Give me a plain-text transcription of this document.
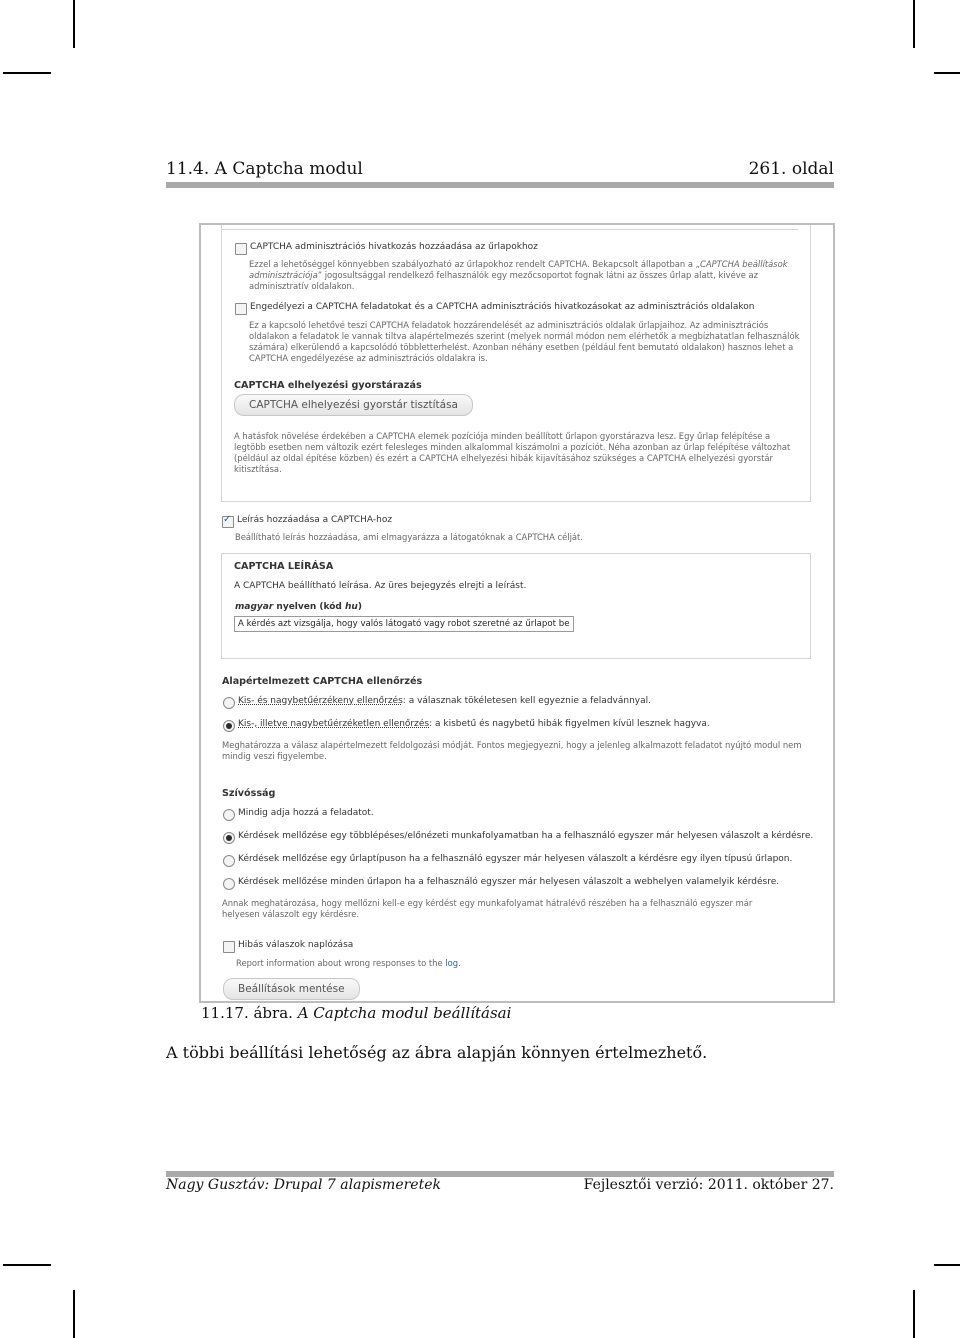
11.4. A Captcha modul	261. oldal
CAPTCHA adminisztrációs hivatkozás hozzáadása az űrlapokhoz
Ezzel a lehetőséggel könnyebben szabályozható az űrlapokhoz rendelt CAPTCHA. Bekapcsolt állapotban a „CAPTCHA beállítások adminisztrációja” jogosultsággal rendelkező felhasználók egy mezőcsoportot fognak látni az összes űrlap alatt, kivéve az adminisztratív oldalakon.
Engedélyezi a CAPTCHA feladatokat és a CAPTCHA adminisztrációs hivatkozásokat az adminisztrációs oldalakon
Ez a kapcsoló lehetővé teszi CAPTCHA feladatok hozzárendelését az adminisztrációs oldalak űrlapjaihoz. Az adminisztrációs oldalakon a feladatok le vannak tiltva alapértelmezés szerint (melyek normál módon nem elérhetők a megbízhatatlan felhasználók számára) elkerülendő a kapcsolódó többletterhelést. Azonban néhány esetben (például fent bemutató oldalakon) hasznos lehet a CAPTCHA engedélyezése az adminisztrációs oldalakra is.
CAPTCHA elhelyezési gyorstárazás
CAPTCHA elhelyezési gyorstár tisztítása
A hatásfok növelése érdekében a CAPTCHA elemek pozíciója minden beállított űrlapon gyorstárazva lesz. Egy űrlap felépítése a legtöbb esetben nem változik ezért felesleges minden alkalommal kiszámolni a pozíciót. Néha azonban az űrlap felépítése változhat (például az oldal építése közben) és ezért a CAPTCHA elhelyezési hibák kijavításához szükséges a CAPTCHA elhelyezési gyorstár kitisztítása.
✓
Leírás hozzáadása a CAPTCHA-hoz
Beállítható leírás hozzáadása, ami elmagyarázza a látogatóknak a CAPTCHA célját.
CAPTCHA LEÍRÁSA
A CAPTCHA beállítható leírása. Az üres bejegyzés elrejti a leírást.
magyar nyelven (kód hu)
A kérdés azt vizsgálja, hogy valós látogató vagy robot szeretné az űrlapot be
Alapértelmezett CAPTCHA ellenőrzés
Kis- és nagybetűérzékeny ellenőrzés: a válasznak tökéletesen kell egyeznie a feladvánnyal.
Kis-, illetve nagybetűérzéketlen ellenőrzés: a kisbetű és nagybetű hibák figyelmen kívül lesznek hagyva.
Meghatározza a válasz alapértelmezett feldolgozási módját. Fontos megjegyezni, hogy a jelenleg alkalmazott feladatot nyújtó modul nem mindig veszi figyelembe.
Szívósság
Mindig adja hozzá a feladatot.
Kérdések mellőzése egy többlépéses/előnézeti munkafolyamatban ha a felhasználó egyszer már helyesen válaszolt a kérdésre.
Kérdések mellőzése egy űrlaptípuson ha a felhasználó egyszer már helyesen válaszolt a kérdésre egy ilyen típusú űrlapon.
Kérdések mellőzése minden űrlapon ha a felhasználó egyszer már helyesen válaszolt a webhelyen valamelyik kérdésre.
Annak meghatározása, hogy mellőzni kell-e egy kérdést egy munkafolyamat hátralévő részében ha a felhasználó egyszer már helyesen válaszolt egy kérdésre.
Hibás válaszok naplózása
Report information about wrong responses to the log.
Beállítások mentése
11.17. ábra. A Captcha modul beállításai
A többi beállítási lehetőség az ábra alapján könnyen értelmezhető.
Nagy Gusztáv: Drupal 7 alapismeretek	Fejlesztői verzió: 2011. október 27.
